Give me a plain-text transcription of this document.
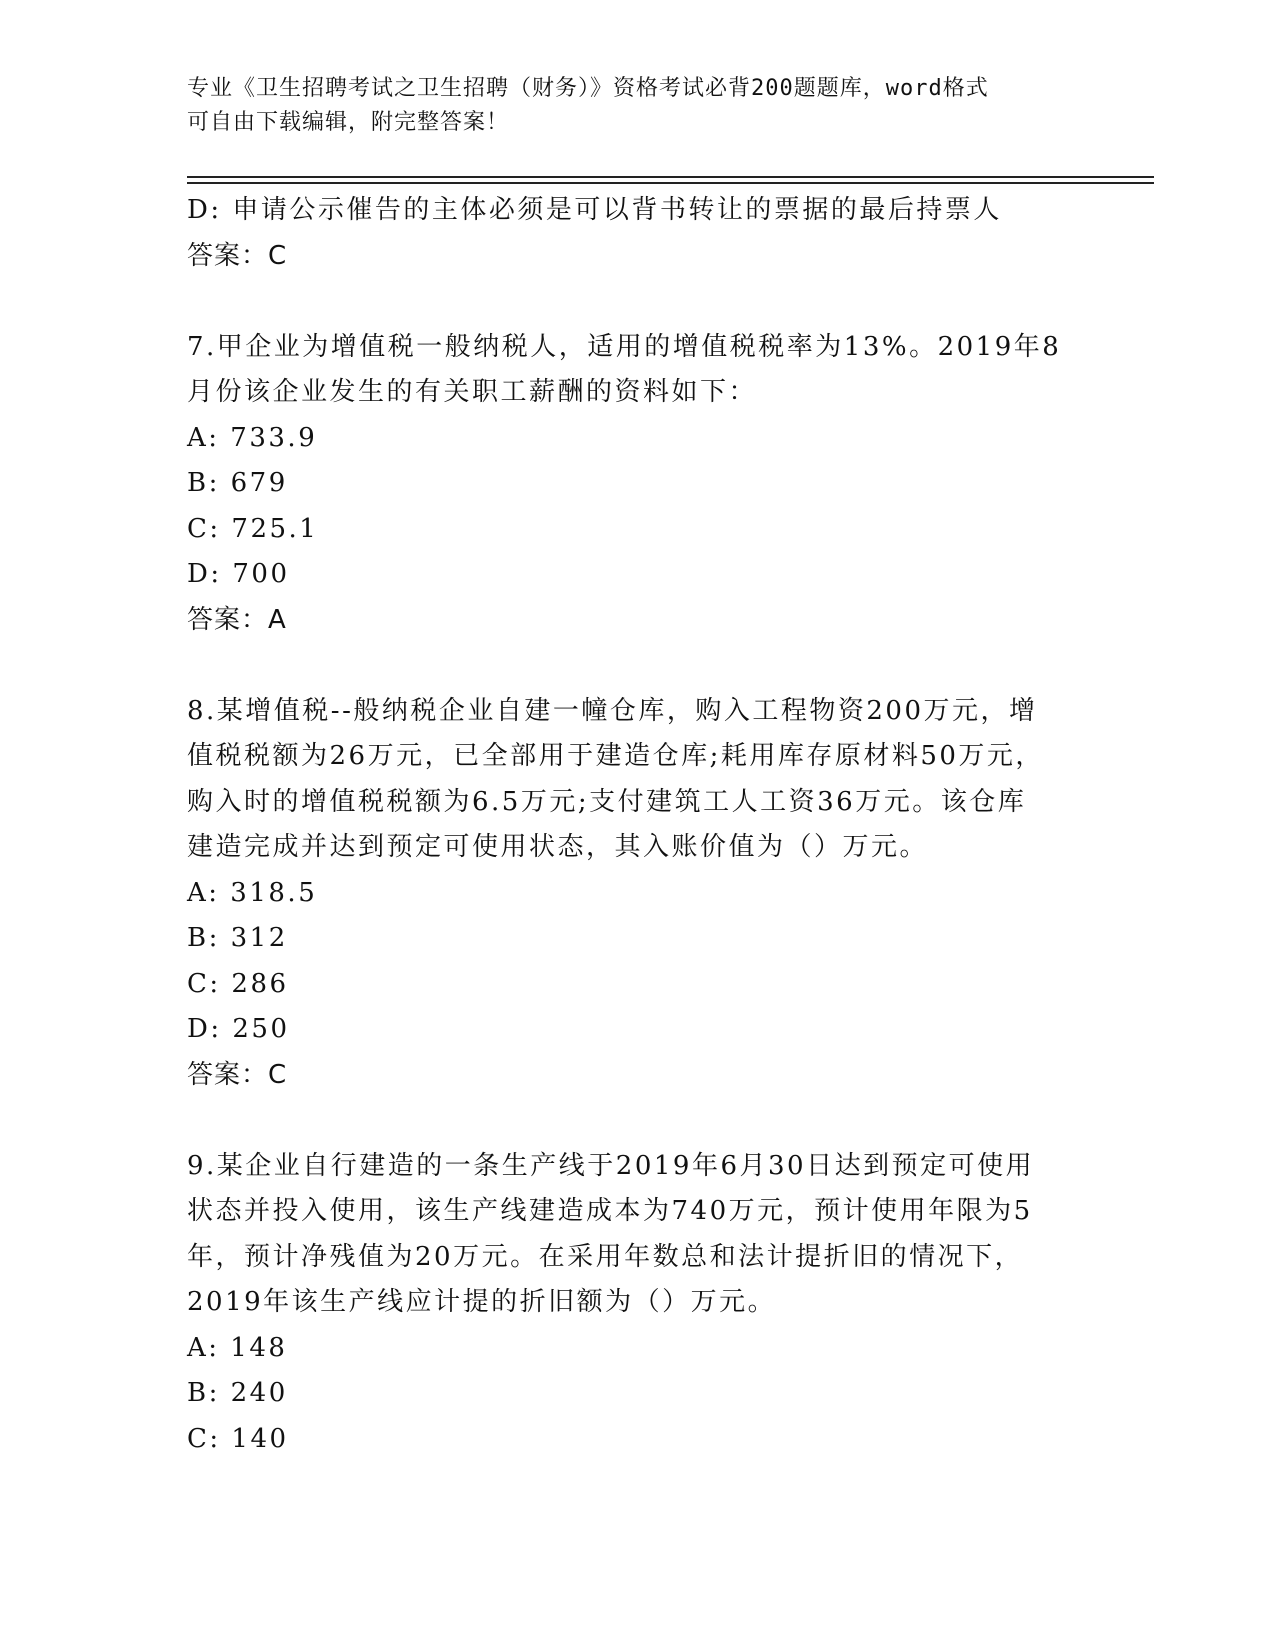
专业《卫生招聘考试之卫生招聘（财务）》资格考试必背200题题库，word格式
可自由下载编辑，附完整答案！
D: 申请公示催告的主体必须是可以背书转让的票据的最后持票人
答案：C
7.甲企业为增值税一般纳税人，适用的增值税税率为13%。2019年8
月份该企业发生的有关职工薪酬的资料如下：
A: 733.9
B: 679
C: 725.1
D: 700
答案：A
8.某增值税--般纳税企业自建一幢仓库，购入工程物资200万元，增
值税税额为26万元，已全部用于建造仓库;耗用库存原材料50万元，
购入时的增值税税额为6.5万元;支付建筑工人工资36万元。该仓库
建造完成并达到预定可使用状态，其入账价值为（）万元。
A: 318.5
B: 312
C: 286
D: 250
答案：C
9.某企业自行建造的一条生产线于2019年6月30日达到预定可使用
状态并投入使用，该生产线建造成本为740万元，预计使用年限为5
年，预计净残值为20万元。在采用年数总和法计提折旧的情况下，
2019年该生产线应计提的折旧额为（）万元。
A: 148
B: 240
C: 140
